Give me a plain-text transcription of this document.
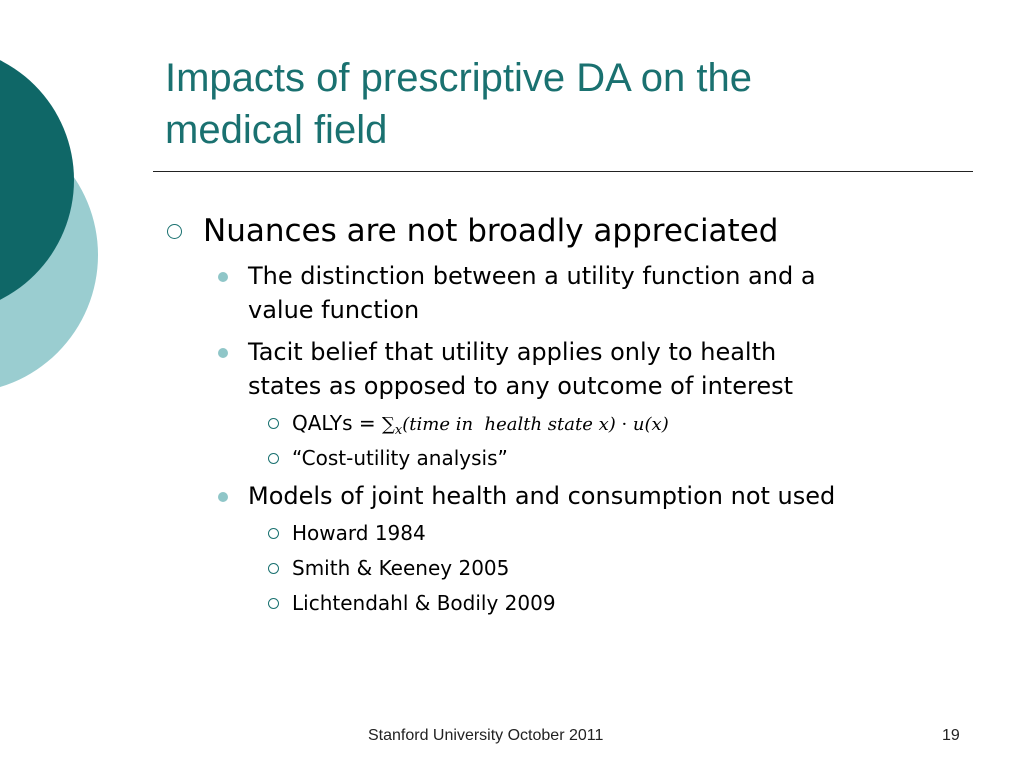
Impacts of prescriptive DA on the
medical field
Nuances are not broadly appreciated
The distinction between a utility function and a
value function
Tacit belief that utility applies only to health
states as opposed to any outcome of interest
QALYs = $\sum_x(time$ in  health state x) · u(x)
“Cost-utility analysis”
Models of joint health and consumption not used
Howard 1984
Smith & Keeney 2005
Lichtendahl & Bodily 2009
Stanford University October 2011	19
